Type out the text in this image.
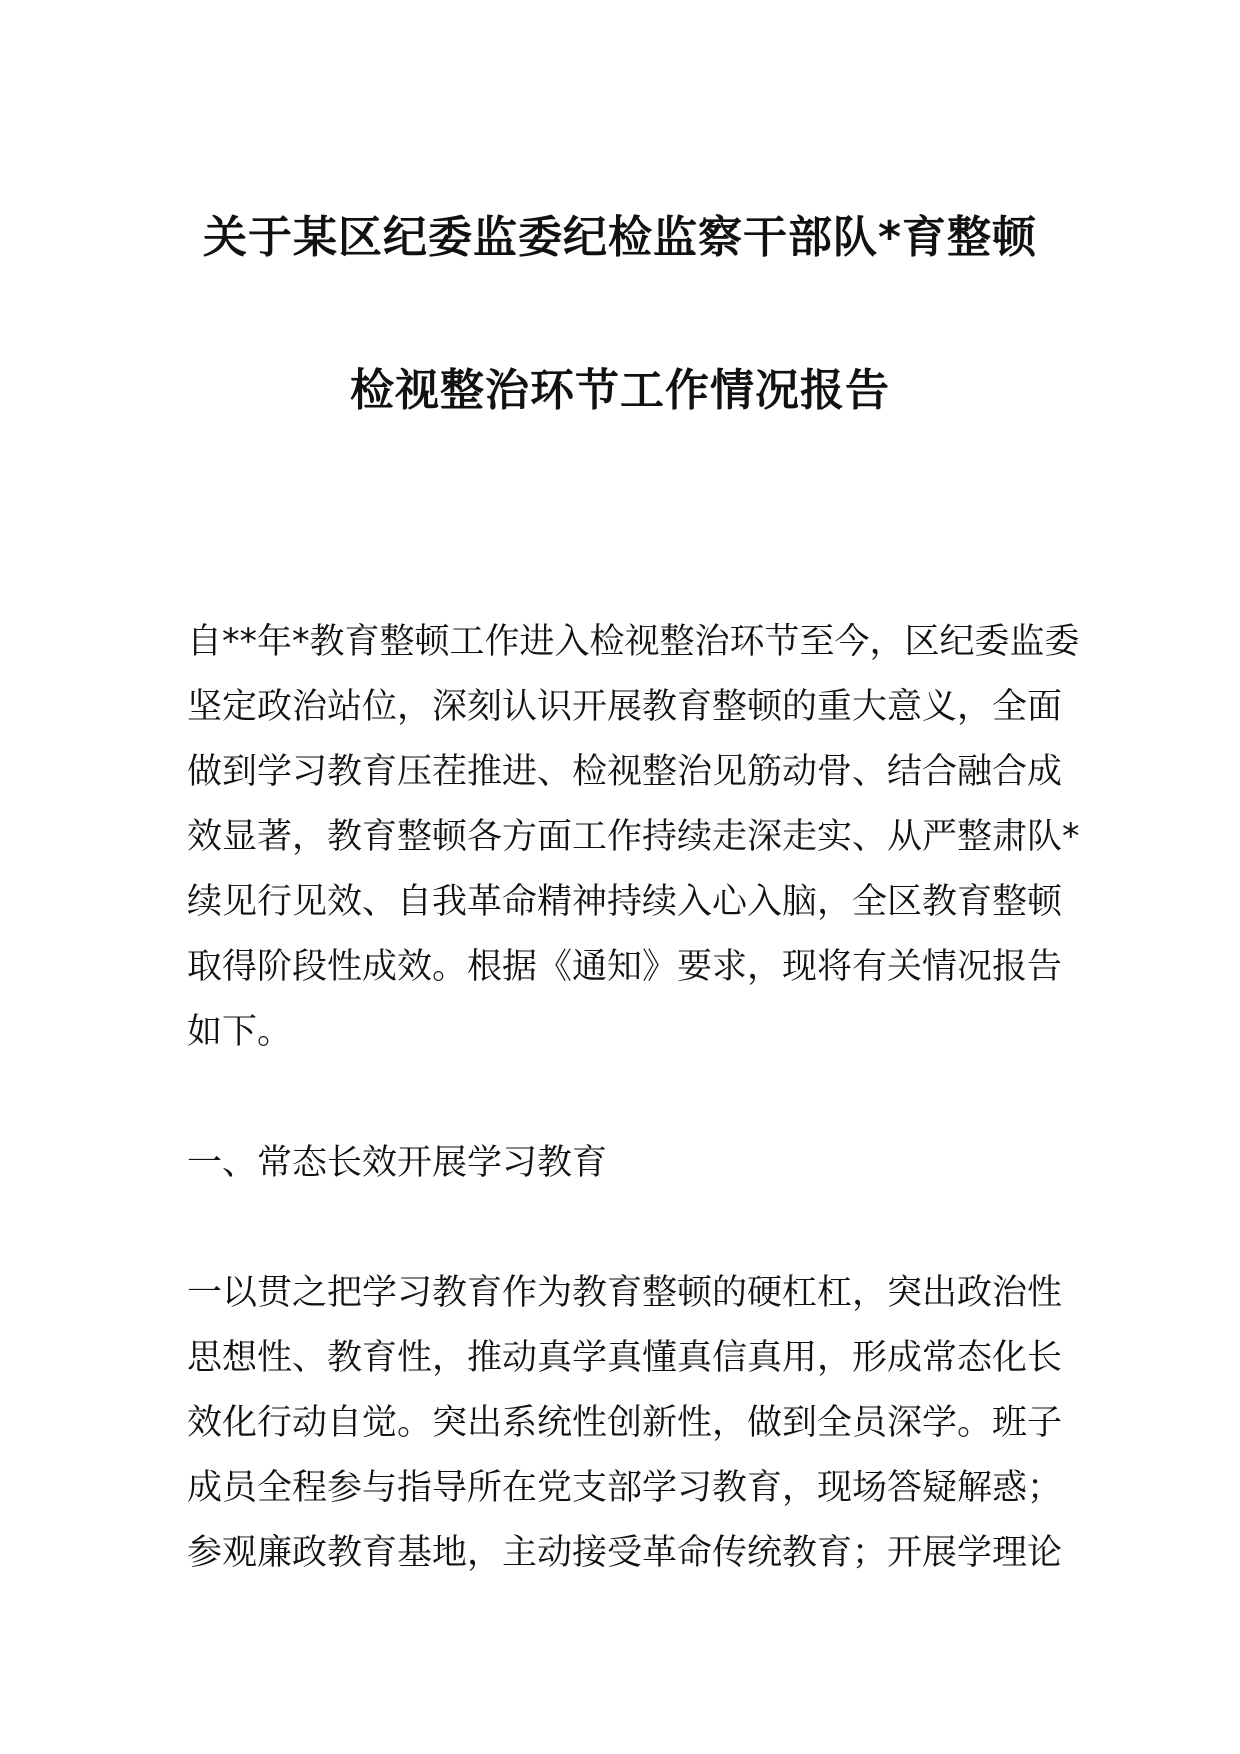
关于某区纪委监委纪检监察干部队*育整顿
检视整治环节工作情况报告
自**年*教育整顿工作进入检视整治环节至今，区纪委监委
坚定政治站位，深刻认识开展教育整顿的重大意义，全面
做到学习教育压茬推进、检视整治见筋动骨、结合融合成
效显著，教育整顿各方面工作持续走深走实、从严整肃队*
续见行见效、自我革命精神持续入心入脑，全区教育整顿
取得阶段性成效。根据《通知》要求，现将有关情况报告
如下。
一、常态长效开展学习教育
一以贯之把学习教育作为教育整顿的硬杠杠，突出政治性
思想性、教育性，推动真学真懂真信真用，形成常态化长
效化行动自觉。突出系统性创新性，做到全员深学。班子
成员全程参与指导所在党支部学习教育，现场答疑解惑；
参观廉政教育基地，主动接受革命传统教育；开展学理论
